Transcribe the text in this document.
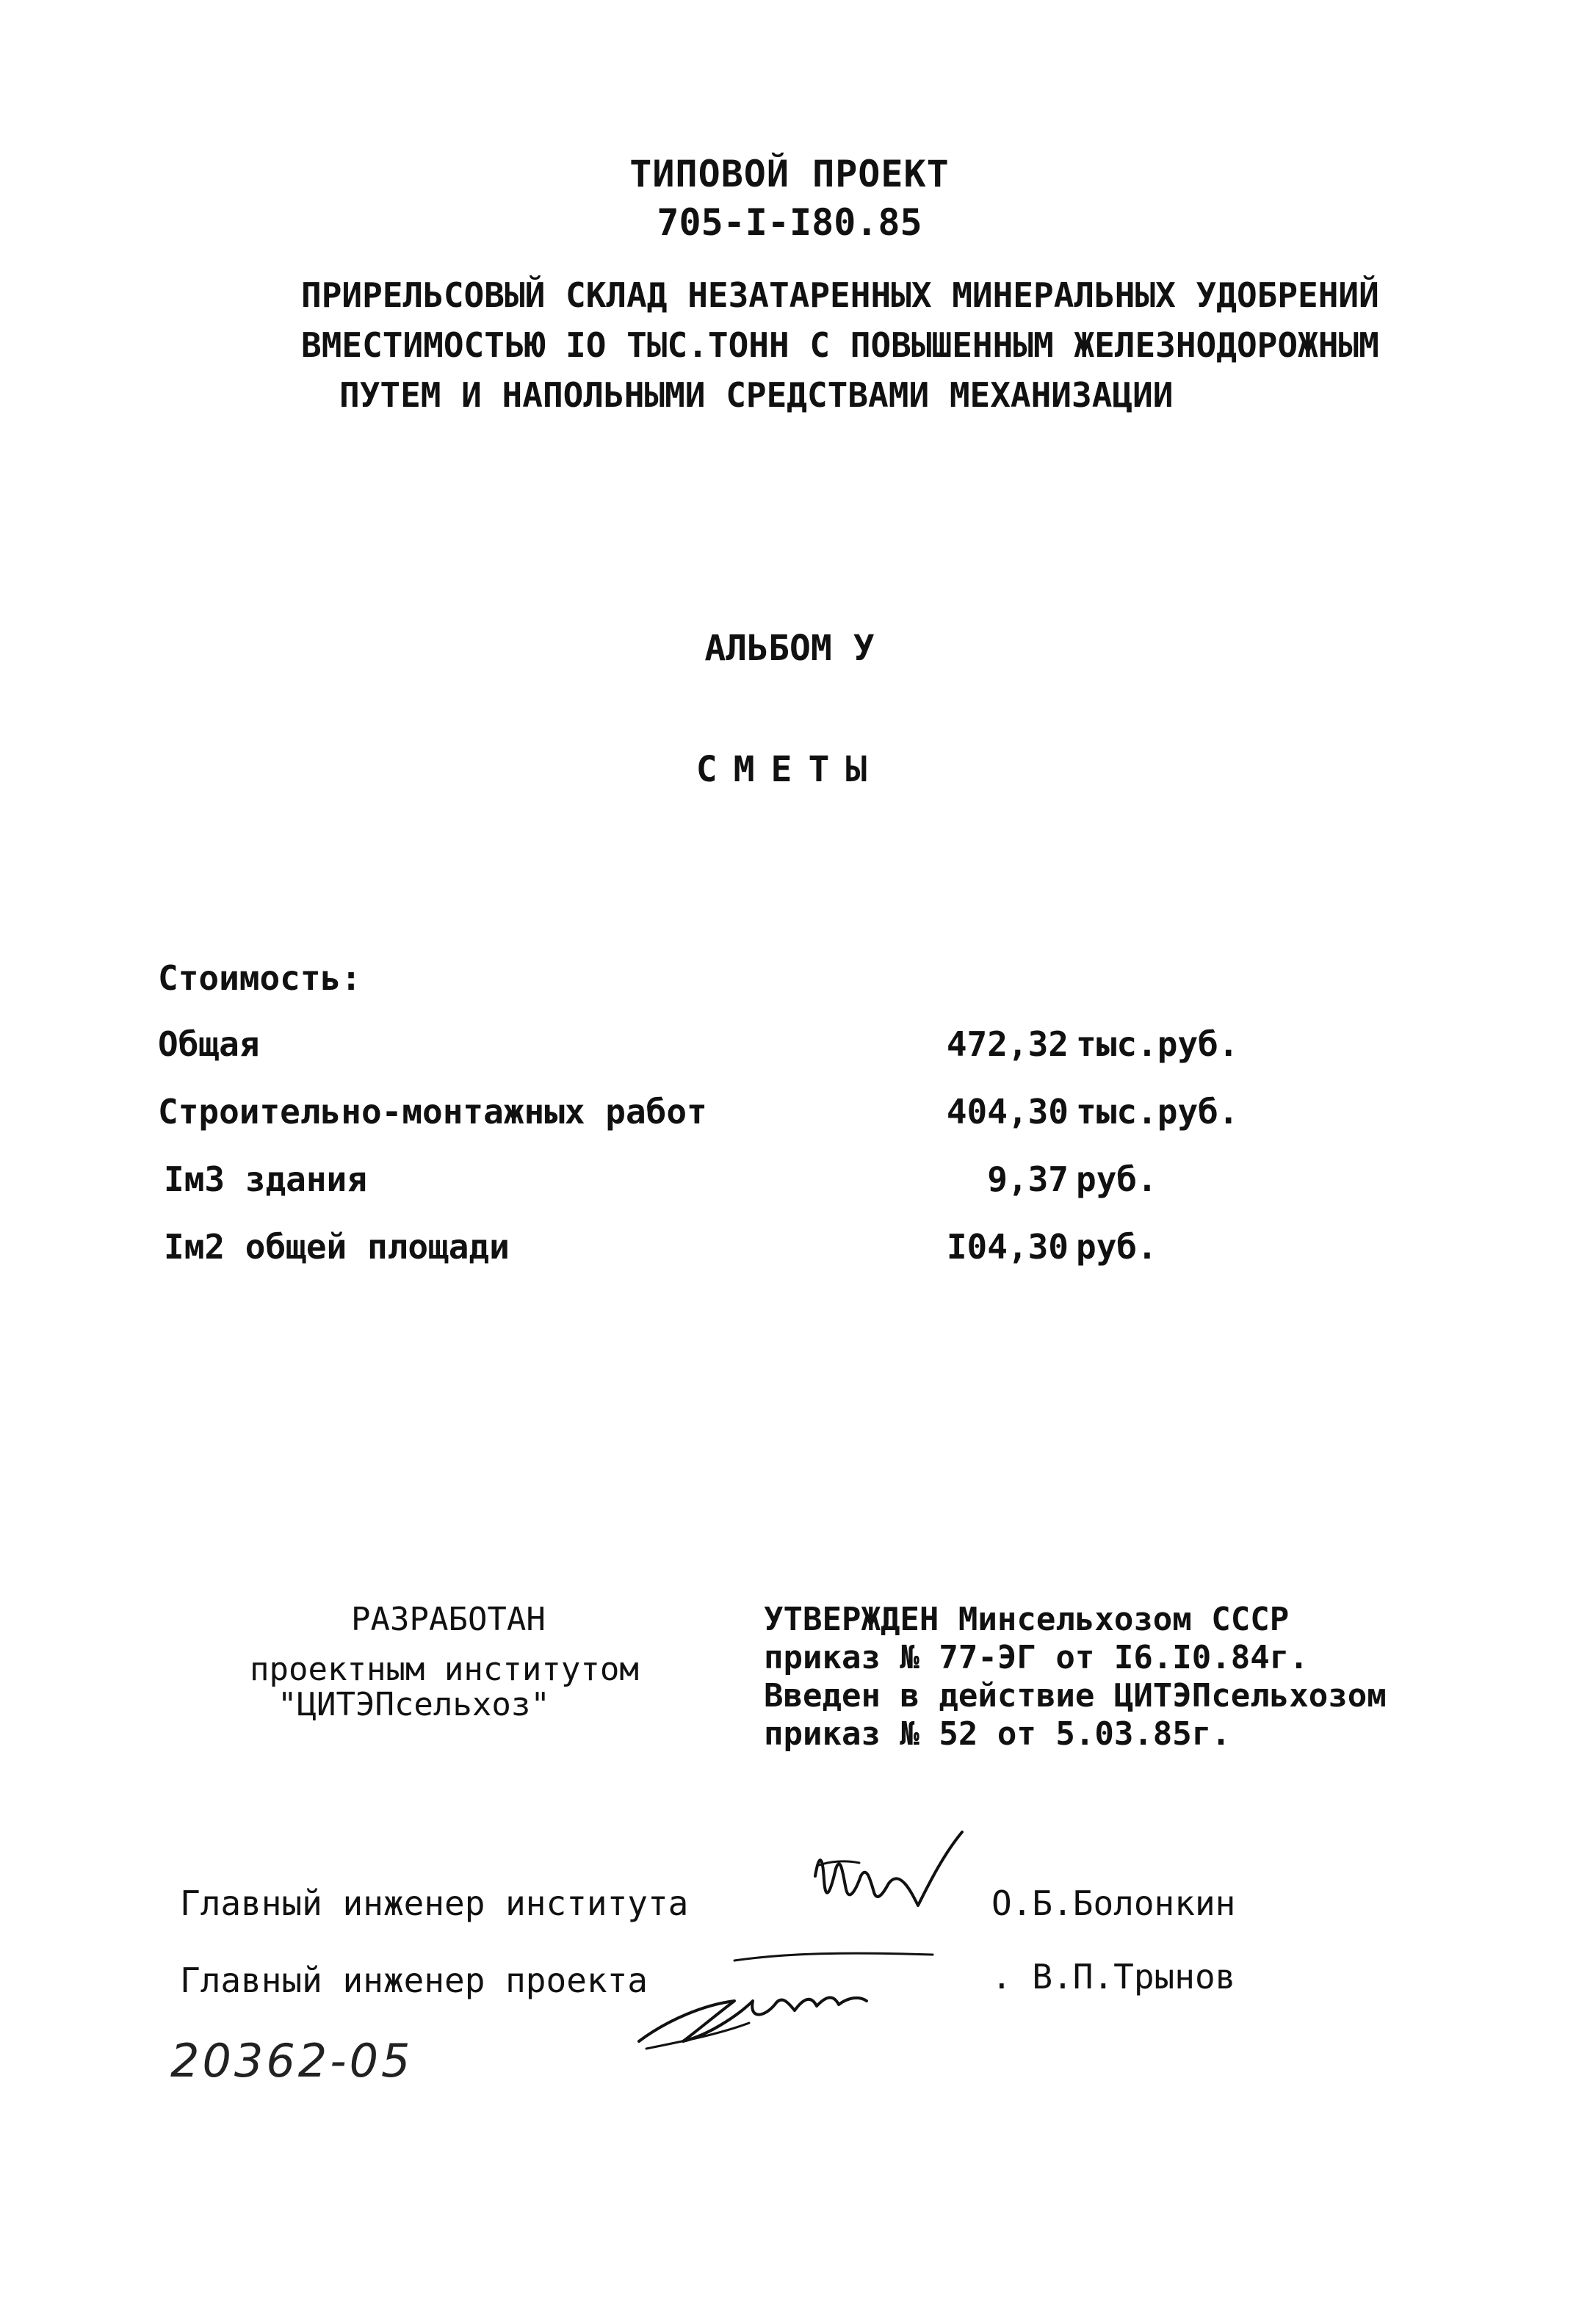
ТИПОВОЙ ПРОЕКТ
705-I-I80.85
ПРИРЕЛЬСОВЫЙ СКЛАД НЕЗАТАРЕННЫХ МИНЕРАЛЬНЫХ УДОБРЕНИЙ
ВМЕСТИМОСТЬЮ IO ТЫС.ТОНН С ПОВЫШЕННЫМ ЖЕЛЕЗНОДОРОЖНЫМ
ПУТЕМ И НАПОЛЬНЫМИ СРЕДСТВАМИ МЕХАНИЗАЦИИ
АЛЬБОМ У
СМЕТЫ
Стоимость:
Общая	472,32 тыс.руб.
Строительно-монтажных работ	404,30 тыс.руб.
Iм3 здания	9,37 руб.
Iм2 общей площади	I04,30 руб.
РАЗРАБОТАН
проектным институтом
"ЦИТЭПсельхоз"
УТВЕРЖДЕН Минсельхозом СССР
приказ № 77-ЭГ от I6.I0.84г.
Введен в действие ЦИТЭПсельхозом
приказ № 52 от 5.03.85г.
Главный инженер института	О.Б.Болонкин
Главный инженер проекта	. В.П.Трынов
20362-05
